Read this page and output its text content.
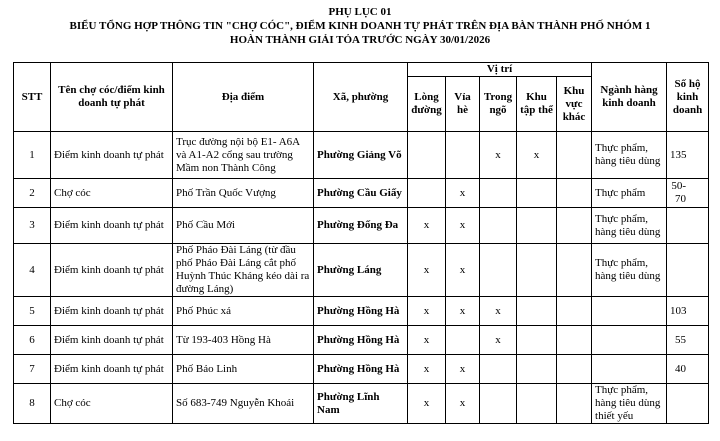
PHỤ LỤC 01
BIỂU TỔNG HỢP THÔNG TIN "CHỢ CÓC", ĐIỂM KINH DOANH TỰ PHÁT TRÊN ĐỊA BÀN THÀNH PHỐ NHÓM 1
HOÀN THÀNH GIẢI TỎA TRƯỚC NGÀY 30/01/2026
STT	Tên chợ cóc/điểm kinh doanh tự phát	Địa điểm	Xã, phường	Vị trí					Ngành hàng kinh doanh	Số hộ kinh doanh
				Lòng đường	Vỉa hè	Trong ngõ	Khu tập thể	Khu vực khác		
1	Điểm kinh doanh tự phát	Trục đường nội bộ E1- A6A và A1-A2 cổng sau trường Mầm non Thành Công	Phường Giảng Võ			x	x		Thực phẩm, hàng tiêu dùng	135
2	Chợ cóc	Phố Trần Quốc Vượng	Phường Cầu Giấy		x				Thực phẩm	50-70
3	Điểm kinh doanh tự phát	Phố Cầu Mới	Phường Đống Đa	x	x				Thực phẩm, hàng tiêu dùng	
4	Điểm kinh doanh tự phát	Phố Pháo Đài Láng (từ đầu phố Pháo Đài Láng cắt phố Huỳnh Thúc Kháng kéo dài ra đường Láng)	Phường Láng	x	x				Thực phẩm, hàng tiêu dùng	
5	Điểm kinh doanh tự phát	Phố Phúc xá	Phường Hồng Hà	x	x	x				103
6	Điểm kinh doanh tự phát	Từ 193-403 Hồng Hà	Phường Hồng Hà	x		x				55
7	Điểm kinh doanh tự phát	Phố Bảo Linh	Phường Hồng Hà	x	x					40
8	Chợ cóc	Số 683-749 Nguyễn Khoái	Phường Lĩnh Nam	x	x				Thực phẩm, hàng tiêu dùng thiết yếu	
